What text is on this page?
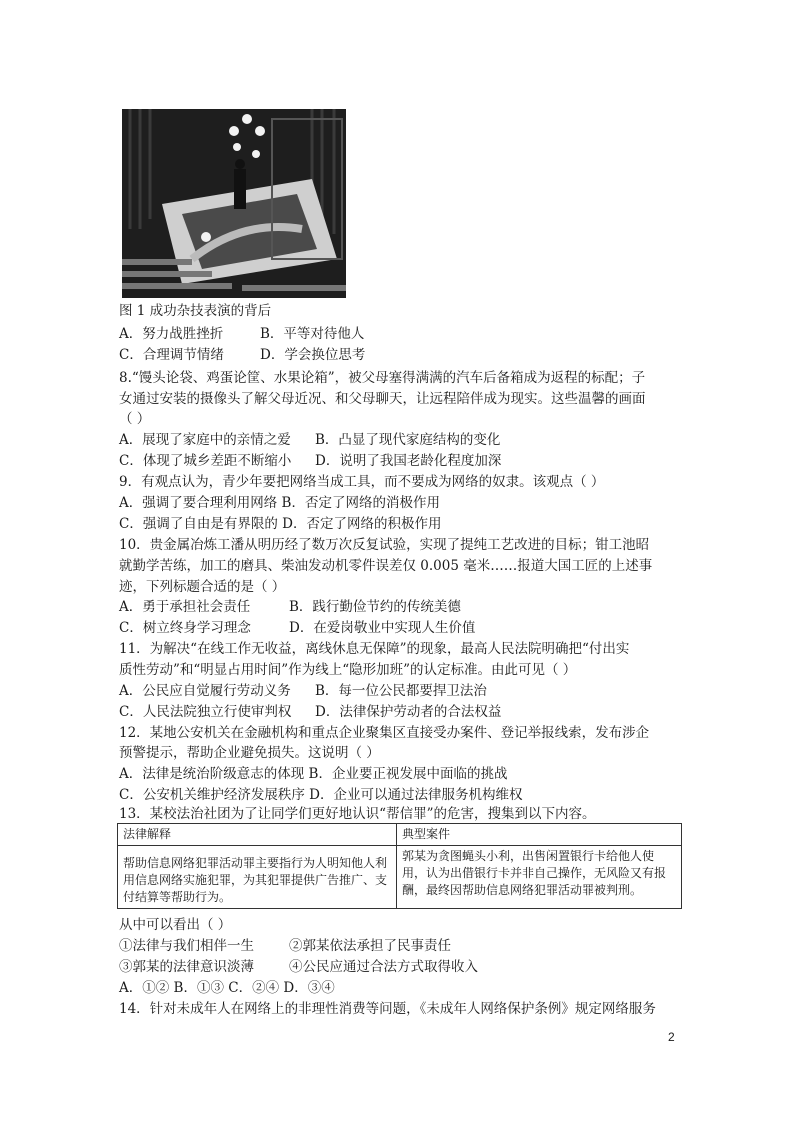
图 1 成功杂技表演的背后
A．努力战胜挫折	B．平等对待他人
C．合理调节情绪	D．学会换位思考
8.“馒头论袋、鸡蛋论筐、水果论箱”，被父母塞得满满的汽车后备箱成为返程的标配；子
女通过安装的摄像头了解父母近况、和父母聊天，让远程陪伴成为现实。这些温馨的画面
（ ）
A．展现了家庭中的亲情之爱 B．凸显了现代家庭结构的变化
C．体现了城乡差距不断缩小 D．说明了我国老龄化程度加深
9．有观点认为，青少年要把网络当成工具，而不要成为网络的奴隶。该观点（ ）
A．强调了要合理利用网络 B．否定了网络的消极作用
C．强调了自由是有界限的 D．否定了网络的积极作用
10．贵金属冶炼工潘从明历经了数万次反复试验，实现了提纯工艺改进的目标；钳工池昭
就勤学苦练，加工的磨具、柴油发动机零件误差仅 0.005 毫米……报道大国工匠的上述事
迹，下列标题合适的是（ ）
A．勇于承担社会责任	B．践行勤俭节约的传统美德
C．树立终身学习理念	D．在爱岗敬业中实现人生价值
11．为解决“在线工作无收益，离线休息无保障”的现象，最高人民法院明确把“付出实
质性劳动”和“明显占用时间”作为线上“隐形加班”的认定标准。由此可见（ ）
A．公民应自觉履行劳动义务 B．每一位公民都要捍卫法治
C．人民法院独立行使审判权 D．法律保护劳动者的合法权益
12．某地公安机关在金融机构和重点企业聚集区直接受办案件、登记举报线索，发布涉企
预警提示，帮助企业避免损失。这说明（ ）
A．法律是统治阶级意志的体现 B．企业要正视发展中面临的挑战
C．公安机关维护经济发展秩序 D．企业可以通过法律服务机构维权
13．某校法治社团为了让同学们更好地认识“帮信罪”的危害，搜集到以下内容。
法律解释	典型案件
帮助信息网络犯罪活动罪主要指行为人明知他人利用信息网络实施犯罪，为其犯罪提供广告推广、支付结算等帮助行为。	郭某为贪图蝇头小利，出售闲置银行卡给他人使用，认为出借银行卡并非自己操作，无风险又有报酬，最终因帮助信息网络犯罪活动罪被判刑。
从中可以看出（ ）
①法律与我们相伴一生	②郭某依法承担了民事责任
③郭某的法律意识淡薄	④公民应通过合法方式取得收入
A．①② B．①③ C．②④ D．③④
14．针对未成年人在网络上的非理性消费等问题，《未成年人网络保护条例》规定网络服务
2
